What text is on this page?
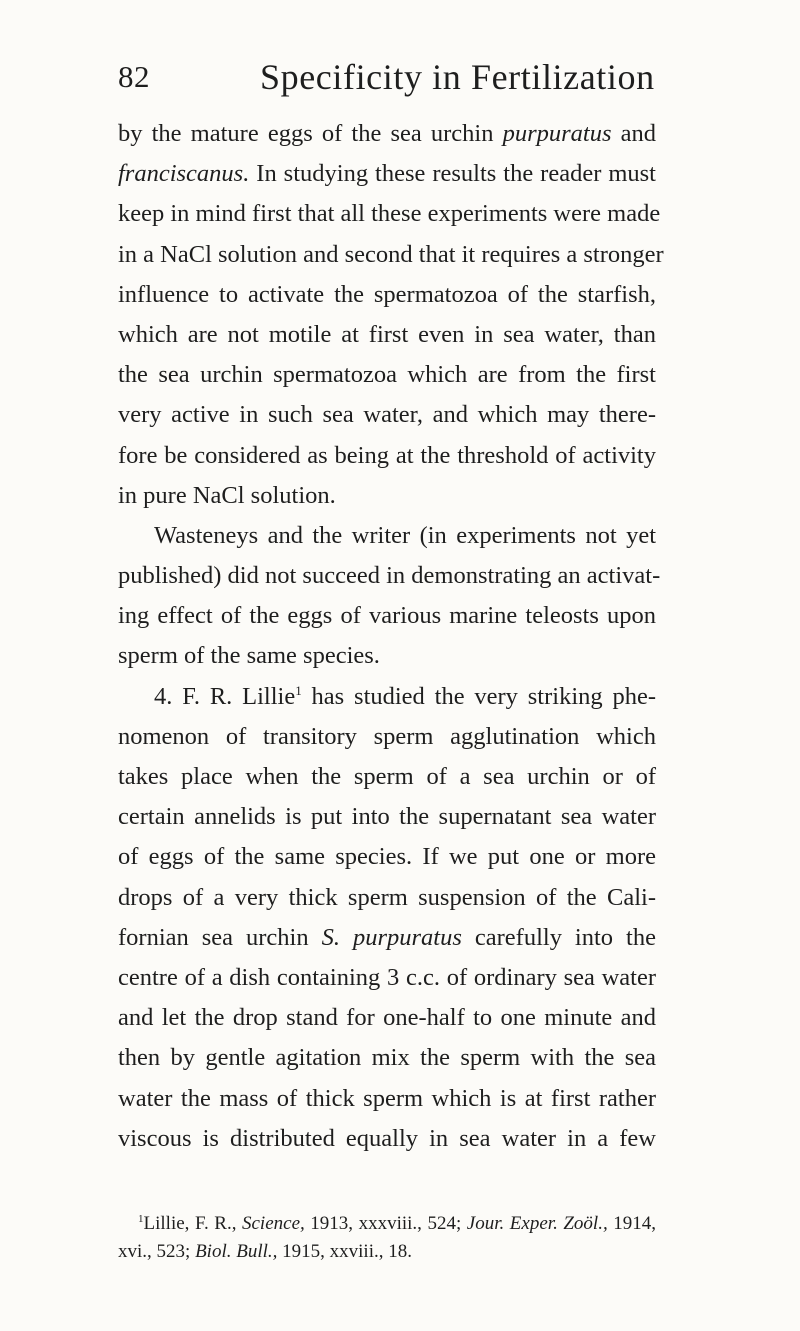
82	Specificity in Fertilization
by the mature eggs of the sea urchin purpuratus and
franciscanus. In studying these results the reader must
keep in mind first that all these experiments were made
in a NaCl solution and second that it requires a stronger
influence to activate the spermatozoa of the starfish,
which are not motile at first even in sea water, than
the sea urchin spermatozoa which are from the first
very active in such sea water, and which may there-
fore be considered as being at the threshold of activity
in pure NaCl solution.
Wasteneys and the writer (in experiments not yet
published) did not succeed in demonstrating an activat-
ing effect of the eggs of various marine teleosts upon
sperm of the same species.
4. F. R. Lillie$^1$ has studied the very striking phe-
nomenon of transitory sperm agglutination which
takes place when the sperm of a sea urchin or of
certain annelids is put into the supernatant sea water
of eggs of the same species. If we put one or more
drops of a very thick sperm suspension of the Cali-
fornian sea urchin S. purpuratus carefully into the
centre of a dish containing 3 c.c. of ordinary sea water
and let the drop stand for one-half to one minute and
then by gentle agitation mix the sperm with the sea
water the mass of thick sperm which is at first rather
viscous is distributed equally in sea water in a few
$^1$Lillie, F. R., Science, 1913, xxxviii., 524; Jour. Exper. Zoöl., 1914,
xvi., 523; Biol. Bull., 1915, xxviii., 18.
